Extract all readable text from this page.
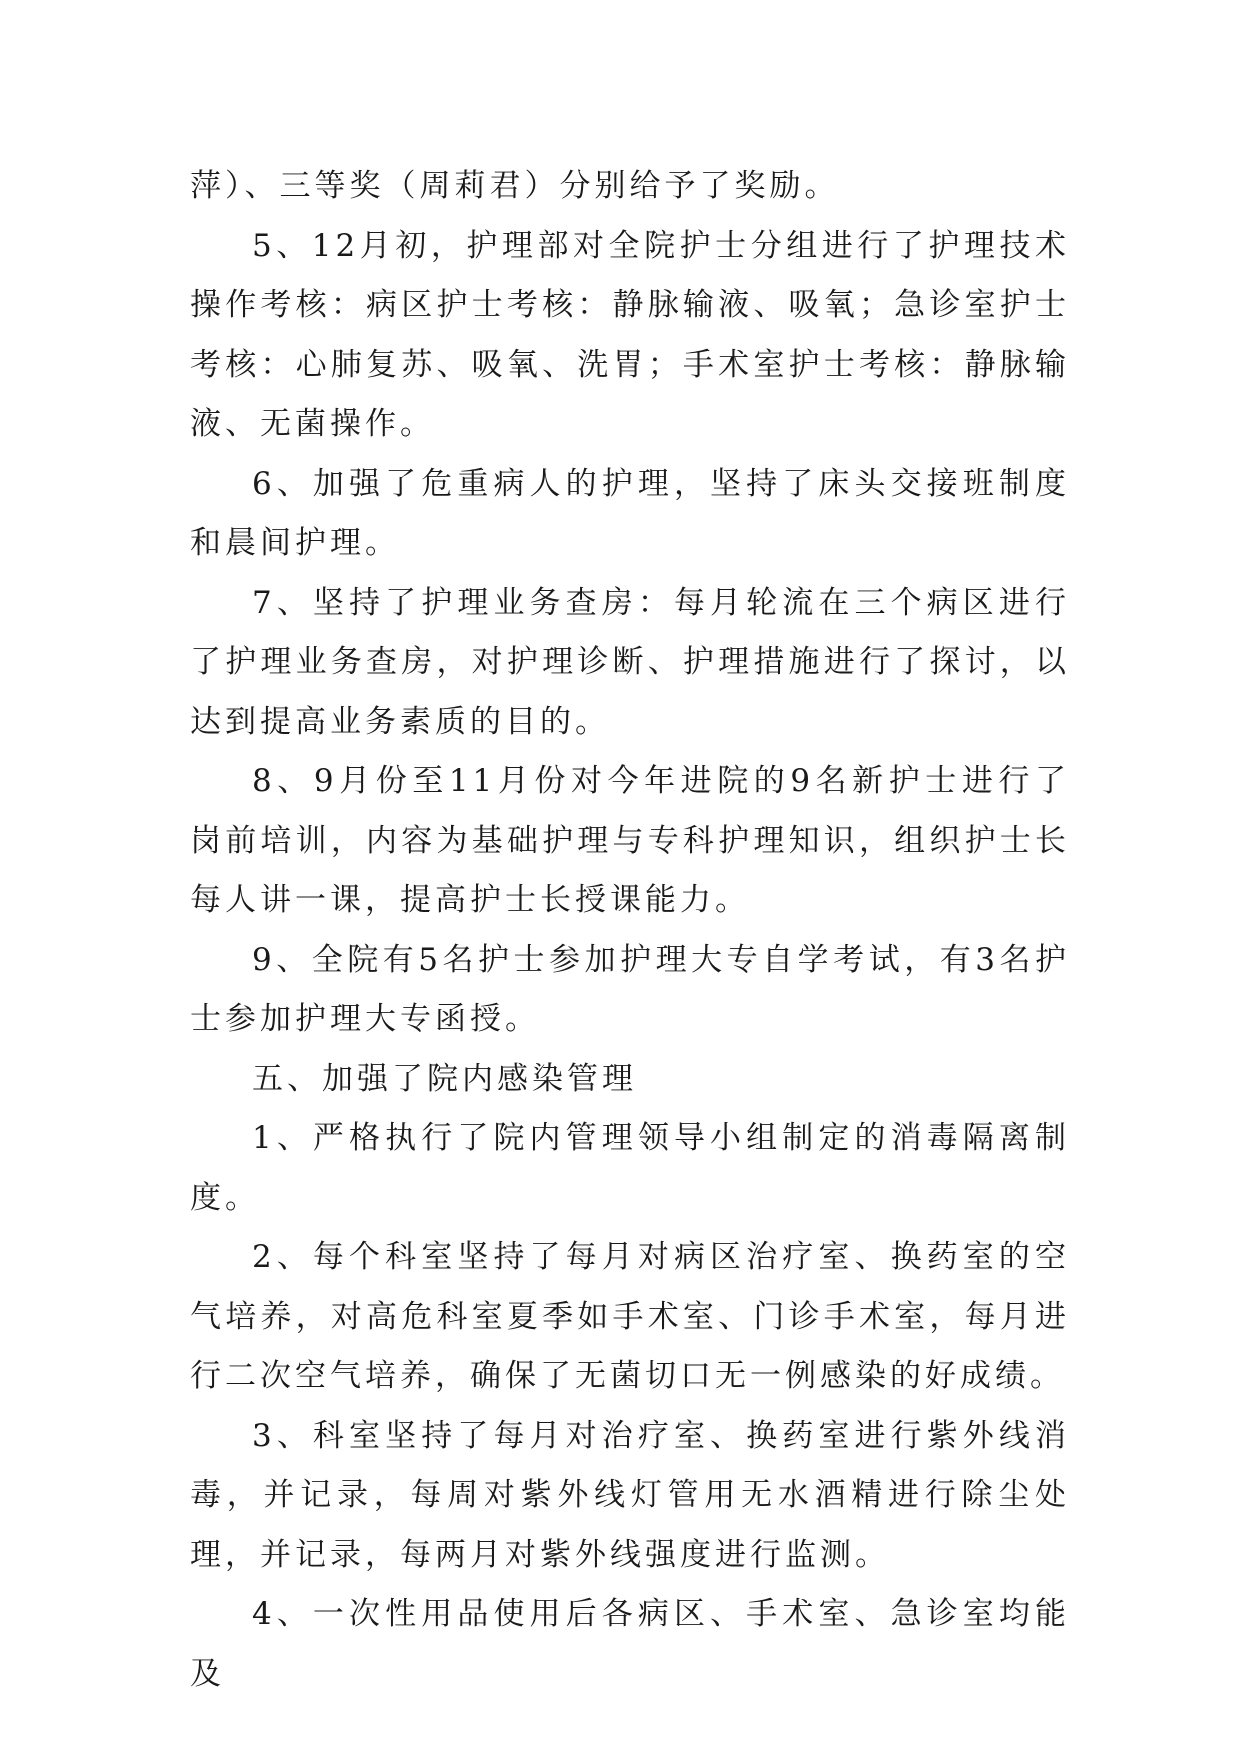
萍）、三等奖（周莉君）分别给予了奖励。

5、12月初，护理部对全院护士分组进行了护理技术操作考核：病区护士考核：静脉输液、吸氧；急诊室护士考核：心肺复苏、吸氧、洗胃；手术室护士考核：静脉输液、无菌操作。

6、加强了危重病人的护理，坚持了床头交接班制度和晨间护理。

7、坚持了护理业务查房：每月轮流在三个病区进行了护理业务查房，对护理诊断、护理措施进行了探讨，以达到提高业务素质的目的。

8、9月份至11月份对今年进院的9名新护士进行了岗前培训，内容为基础护理与专科护理知识，组织护士长每人讲一课，提高护士长授课能力。

9、全院有5名护士参加护理大专自学考试，有3名护士参加护理大专函授。

五、加强了院内感染管理

1、严格执行了院内管理领导小组制定的消毒隔离制度。

2、每个科室坚持了每月对病区治疗室、换药室的空气培养，对高危科室夏季如手术室、门诊手术室，每月进行二次空气培养，确保了无菌切口无一例感染的好成绩。

3、科室坚持了每月对治疗室、换药室进行紫外线消毒，并记录，每周对紫外线灯管用无水酒精进行除尘处理，并记录，每两月对紫外线强度进行监测。

4、一次性用品使用后各病区、手术室、急诊室均能及
